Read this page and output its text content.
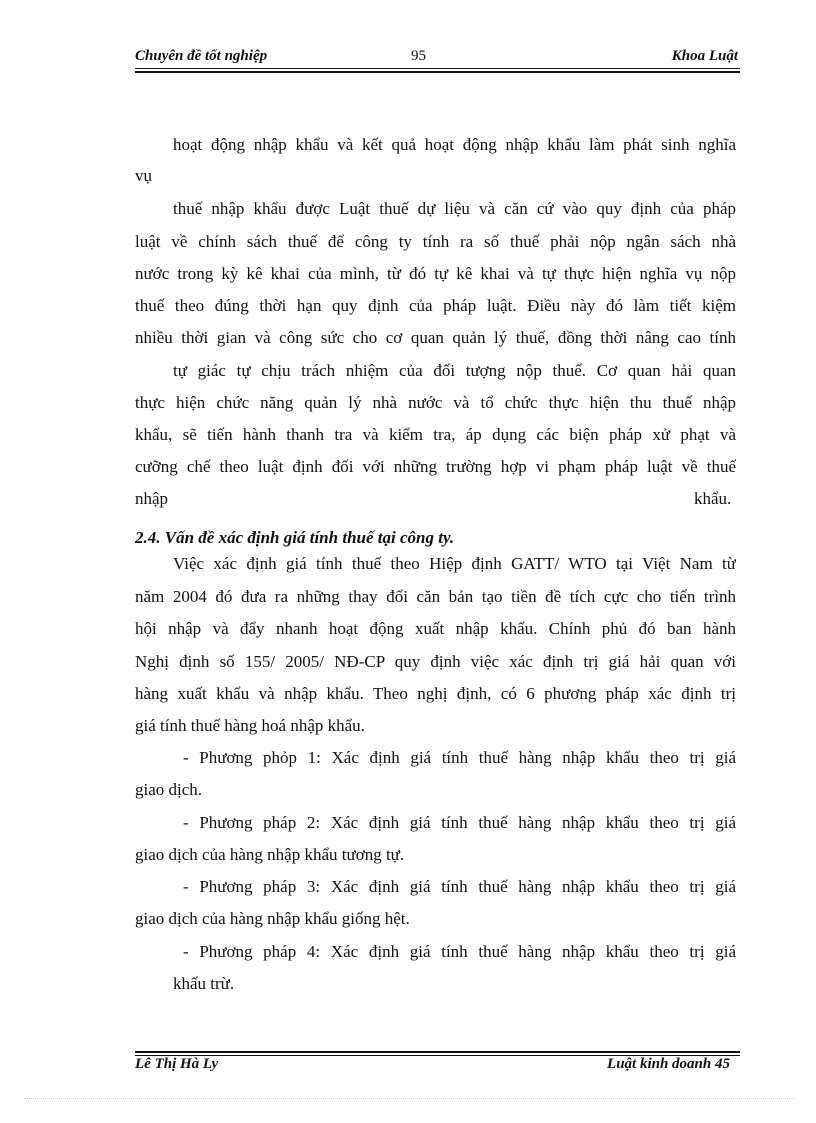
Chuyên đề tốt nghiệp	95	Khoa Luật
hoạt động nhập khẩu và kết quả hoạt động nhập khẩu làm phát sinh nghĩa
vụ
thuế nhập khẩu được Luật thuế dự liệu và căn cứ vào quy định của pháp
luật về chính sách thuế để công ty tính ra số thuế phải nộp ngân sách nhà
nước trong kỳ kê khai của mình, từ đó tự kê khai và tự thực hiện nghĩa vụ nộp
thuế theo đúng thời hạn quy định của pháp luật. Điều này đó làm tiết kiệm
nhiều thời gian và công sức cho cơ quan quản lý thuế, đồng thời nâng cao tính
tự giác tự chịu trách nhiệm của đối tượng nộp thuế. Cơ quan hải quan
thực hiện chức năng quản lý nhà nước và tổ chức thực hiện thu thuế nhập
khẩu, sẽ tiến hành thanh tra và kiểm tra, áp dụng các biện pháp xử phạt và
cưỡng chế theo luật định đối với những trường hợp vi phạm pháp luật về thuế
nhập	khẩu.
2.4. Vấn đề xác định giá tính thuế tại công ty.
Việc xác định giá tính thuế theo Hiệp định GATT/ WTO tại Việt Nam từ
năm 2004 đó đưa ra những thay đổi căn bản tạo tiền đề tích cực cho tiến trình
hội nhập và đẩy nhanh hoạt động xuất nhập khẩu. Chính phủ đó ban hành
Nghị định số 155/ 2005/ NĐ-CP quy định việc xác định trị giá hải quan với
hàng xuất khẩu và nhập khẩu. Theo nghị định, có 6 phương pháp xác định trị
giá tính thuế hàng hoá nhập khẩu.
- Phương phỏp 1: Xác định giá tính thuế hàng nhập khẩu theo trị giá
giao dịch.
- Phương pháp 2: Xác định giá tính thuế hàng nhập khẩu theo trị giá
giao dịch của hàng nhập khẩu tương tự.
- Phương pháp 3: Xác định giá tính thuế hàng nhập khẩu theo trị giá
giao dịch của hàng nhập khẩu giống hệt.
- Phương pháp 4: Xác định giá tính thuế hàng nhập khẩu theo trị giá
khấu trừ.
Lê Thị Hà Ly	Luật kinh doanh 45
